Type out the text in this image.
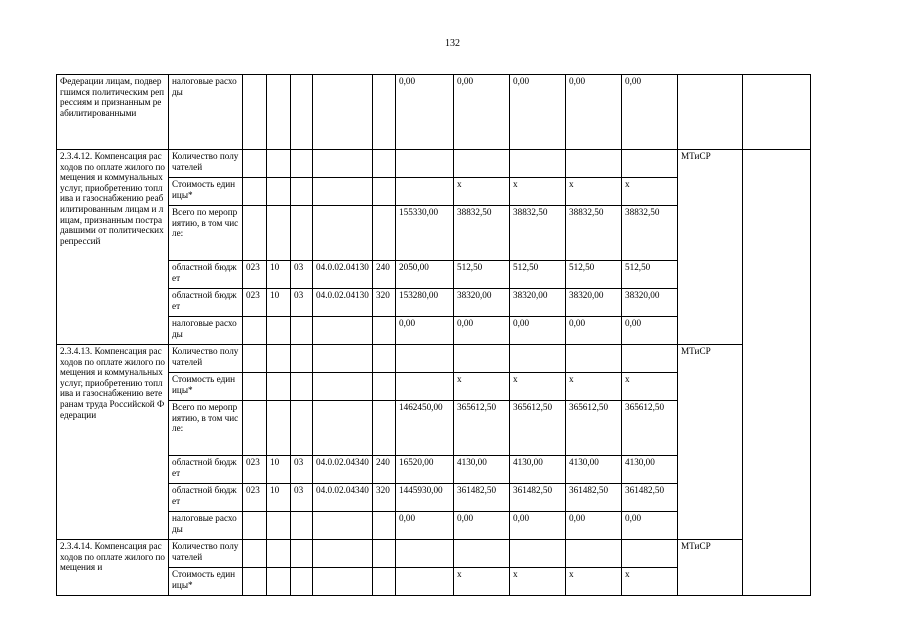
132
Федерации лицам, подвергшимся политическим репрессиям и признанным реабилитированными	налоговые расходы						0,00	0,00	0,00	0,00	0,00		
2.3.4.12. Компенсация расходов по оплате жилого помещения и коммунальных услуг, приобретению топлива и газоснабжению реабилитированным лицам и лицам, признанным пострадавшими от политических репрессий	Количество получателей											МТиСР	
	Стоимость единицы*							х	х	х	х		
	Всего по мероприятию, в том числе:						155330,00	38832,50	38832,50	38832,50	38832,50		
	областной бюджет	023	10	03	04.0.02.04130	240	2050,00	512,50	512,50	512,50	512,50		
	областной бюджет	023	10	03	04.0.02.04130	320	153280,00	38320,00	38320,00	38320,00	38320,00		
	налоговые расходы						0,00	0,00	0,00	0,00	0,00		
2.3.4.13. Компенсация расходов по оплате жилого помещения и коммунальных услуг, приобретению топлива и газоснабжению ветеранам труда Российской Федерации	Количество получателей											МТиСР	
	Стоимость единицы*							х	х	х	х		
	Всего по мероприятию, в том числе:						1462450,00	365612,50	365612,50	365612,50	365612,50		
	областной бюджет	023	10	03	04.0.02.04340	240	16520,00	4130,00	4130,00	4130,00	4130,00		
	областной бюджет	023	10	03	04.0.02.04340	320	1445930,00	361482,50	361482,50	361482,50	361482,50		
	налоговые расходы						0,00	0,00	0,00	0,00	0,00		
2.3.4.14. Компенсация расходов по оплате жилого помещения и	Количество получателей											МТиСР	
	Стоимость единицы*							х	х	х	х		
